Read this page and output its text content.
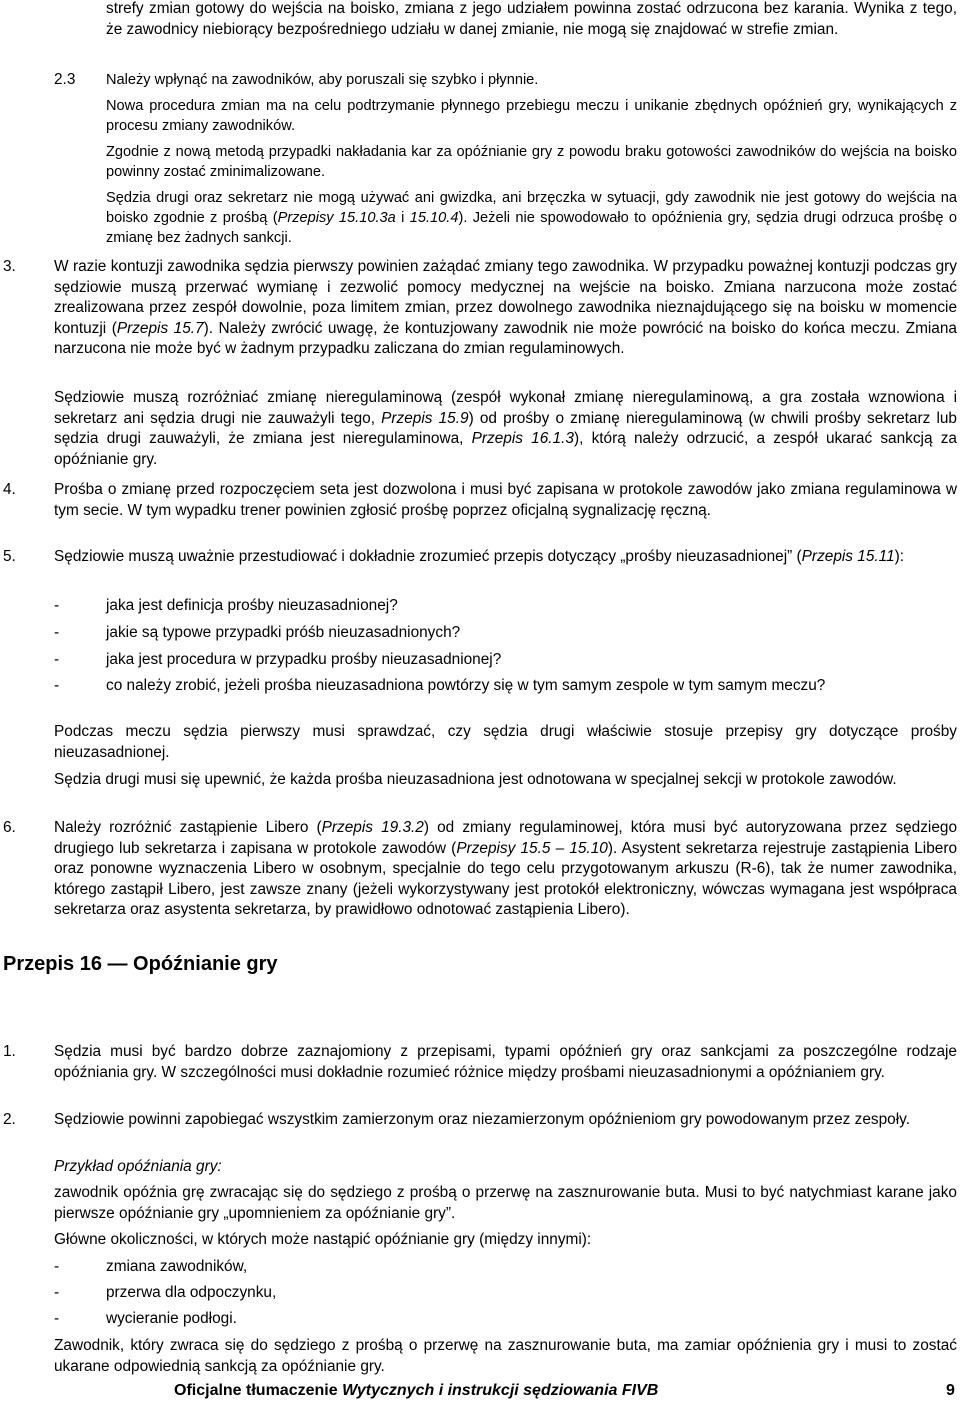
strefy zmian gotowy do wejścia na boisko, zmiana z jego udziałem powinna zostać odrzucona bez karania. Wynika z tego, że zawodnicy niebiorący bezpośredniego udziału w danej zmianie, nie mogą się znajdować w strefie zmian.

2.3 Należy wpłynąć na zawodników, aby poruszali się szybko i płynnie.

Nowa procedura zmian ma na celu podtrzymanie płynnego przebiegu meczu i unikanie zbędnych opóźnień gry, wynikających z procesu zmiany zawodników.

Zgodnie z nową metodą przypadki nakładania kar za opóźnianie gry z powodu braku gotowości zawodników do wejścia na boisko powinny zostać zminimalizowane.

Sędzia drugi oraz sekretarz nie mogą używać ani gwizdka, ani brzęczka w sytuacji, gdy zawodnik nie jest gotowy do wejścia na boisko zgodnie z prośbą (Przepisy 15.10.3a i 15.10.4). Jeżeli nie spowodowało to opóźnienia gry, sędzia drugi odrzuca prośbę o zmianę bez żadnych sankcji.

3. W razie kontuzji zawodnika sędzia pierwszy powinien zażądać zmiany tego zawodnika. W przypadku poważnej kontuzji podczas gry sędziowie muszą przerwać wymianę i zezwolić pomocy medycznej na wejście na boisko. Zmiana narzucona może zostać zrealizowana przez zespół dowolnie, poza limitem zmian, przez dowolnego zawodnika nieznajdującego się na boisku w momencie kontuzji (Przepis 15.7). Należy zwrócić uwagę, że kontuzjowany zawodnik nie może powrócić na boisko do końca meczu. Zmiana narzucona nie może być w żadnym przypadku zaliczana do zmian regulaminowych.

Sędziowie muszą rozróżniać zmianę nieregulaminową (zespół wykonał zmianę nieregulaminową, a gra została wznowiona i sekretarz ani sędzia drugi nie zauważyli tego, Przepis 15.9) od prośby o zmianę nieregulaminową (w chwili prośby sekretarz lub sędzia drugi zauważyli, że zmiana jest nieregulaminowa, Przepis 16.1.3), którą należy odrzucić, a zespół ukarać sankcją za opóźnianie gry.

4. Prośba o zmianę przed rozpoczęciem seta jest dozwolona i musi być zapisana w protokole zawodów jako zmiana regulaminowa w tym secie. W tym wypadku trener powinien zgłosić prośbę poprzez oficjalną sygnalizację ręczną.

5. Sędziowie muszą uważnie przestudiować i dokładnie zrozumieć przepis dotyczący „prośby nieuzasadnionej” (Przepis 15.11):

-	jaka jest definicja prośby nieuzasadnionej?

-	jakie są typowe przypadki próśb nieuzasadnionych?

-	jaka jest procedura w przypadku prośby nieuzasadnionej?

-	co należy zrobić, jeżeli prośba nieuzasadniona powtórzy się w tym samym zespole w tym samym meczu?

Podczas meczu sędzia pierwszy musi sprawdzać, czy sędzia drugi właściwie stosuje przepisy gry dotyczące prośby nieuzasadnionej.

Sędzia drugi musi się upewnić, że każda prośba nieuzasadniona jest odnotowana w specjalnej sekcji w protokole zawodów.

6. Należy rozróżnić zastąpienie Libero (Przepis 19.3.2) od zmiany regulaminowej, która musi być autoryzowana przez sędziego drugiego lub sekretarza i zapisana w protokole zawodów (Przepisy 15.5 – 15.10). Asystent sekretarza rejestruje zastąpienia Libero oraz ponowne wyznaczenia Libero w osobnym, specjalnie do tego celu przygotowanym arkuszu (R-6), tak że numer zawodnika, którego zastąpił Libero, jest zawsze znany (jeżeli wykorzystywany jest protokół elektroniczny, wówczas wymagana jest współpraca sekretarza oraz asystenta sekretarza, by prawidłowo odnotować zastąpienia Libero).

Przepis 16 — Opóźnianie gry

1. Sędzia musi być bardzo dobrze zaznajomiony z przepisami, typami opóźnień gry oraz sankcjami za poszczególne rodzaje opóźniania gry. W szczególności musi dokładnie rozumieć różnice między prośbami nieuzasadnionymi a opóźnianiem gry.

2. Sędziowie powinni zapobiegać wszystkim zamierzonym oraz niezamierzonym opóźnieniom gry powodowanym przez zespoły.

Przykład opóźniania gry:

zawodnik opóźnia grę zwracając się do sędziego z prośbą o przerwę na zasznurowanie buta. Musi to być natychmiast karane jako pierwsze opóźnianie gry „upomnieniem za opóźnianie gry”.

Główne okoliczności, w których może nastąpić opóźnianie gry (między innymi):

-	zmiana zawodników,

-	przerwa dla odpoczynku,

-	wycieranie podłogi.

Zawodnik, który zwraca się do sędziego z prośbą o przerwę na zasznurowanie buta, ma zamiar opóźnienia gry i musi to zostać ukarane odpowiednią sankcją za opóźnianie gry.

Oficjalne tłumaczenie Wytycznych i instrukcji sędziowania FIVB	9
